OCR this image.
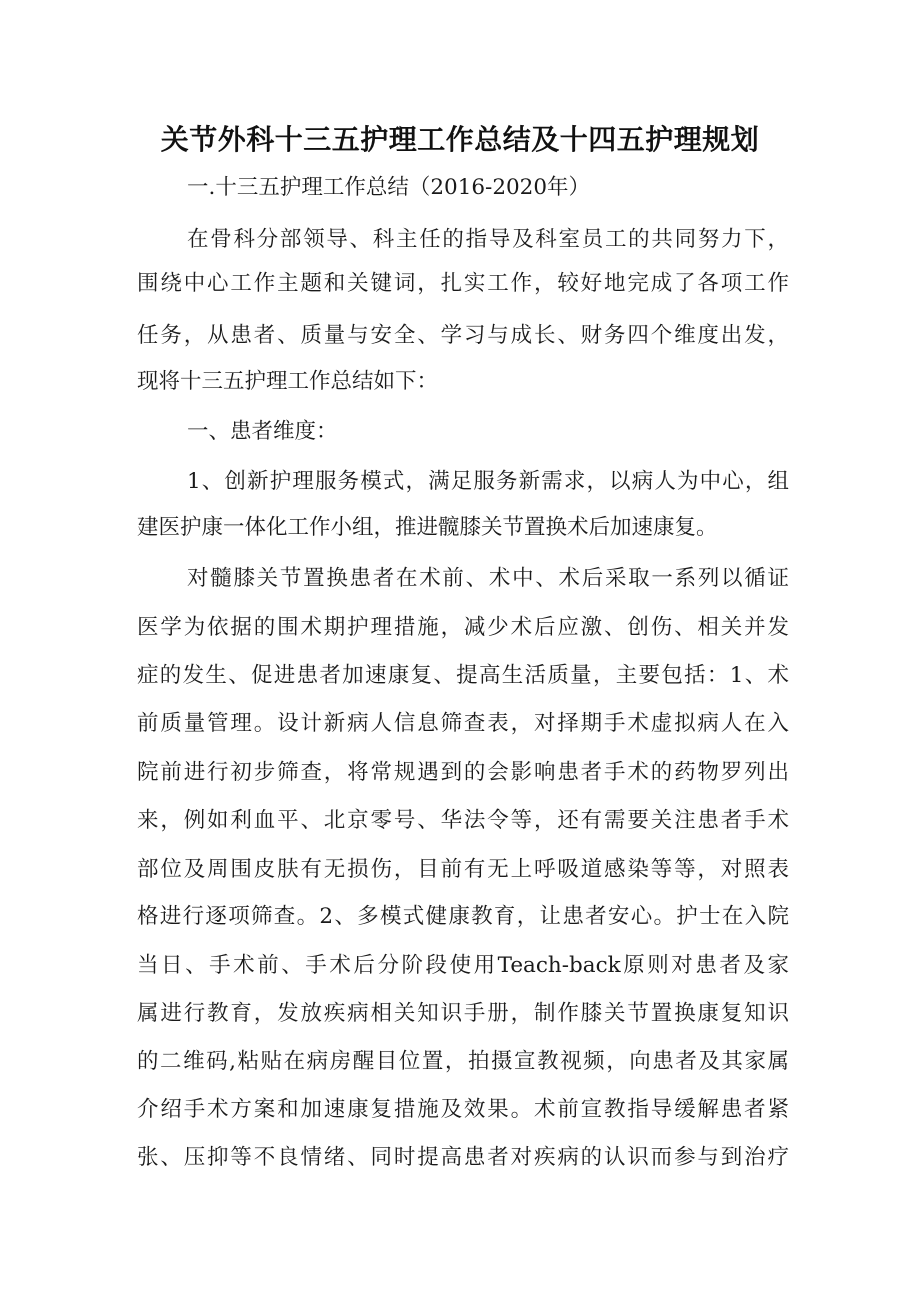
关节外科十三五护理工作总结及十四五护理规划
一.十三五护理工作总结（2016-2020年）
在骨科分部领导、科主任的指导及科室员工的共同努力下，
围绕中心工作主题和关键词，扎实工作，较好地完成了各项工作
任务，从患者、质量与安全、学习与成长、财务四个维度出发，
现将十三五护理工作总结如下：
一、患者维度：
1、创新护理服务模式，满足服务新需求，以病人为中心，组
建医护康一体化工作小组，推进髋膝关节置换术后加速康复。
对髓膝关节置换患者在术前、术中、术后采取一系列以循证
医学为依据的围术期护理措施，减少术后应激、创伤、相关并发
症的发生、促进患者加速康复、提高生活质量，主要包括：1、术
前质量管理。设计新病人信息筛查表，对择期手术虚拟病人在入
院前进行初步筛查，将常规遇到的会影响患者手术的药物罗列出
来，例如利血平、北京零号、华法令等，还有需要关注患者手术
部位及周围皮肤有无损伤，目前有无上呼吸道感染等等，对照表
格进行逐项筛查。2、多模式健康教育，让患者安心。护士在入院
当日、手术前、手术后分阶段使用Teach-back原则对患者及家
属进行教育，发放疾病相关知识手册，制作膝关节置换康复知识
的二维码,粘贴在病房醒目位置，拍摄宣教视频，向患者及其家属
介绍手术方案和加速康复措施及效果。术前宣教指导缓解患者紧
张、压抑等不良情绪、同时提高患者对疾病的认识而参与到治疗
